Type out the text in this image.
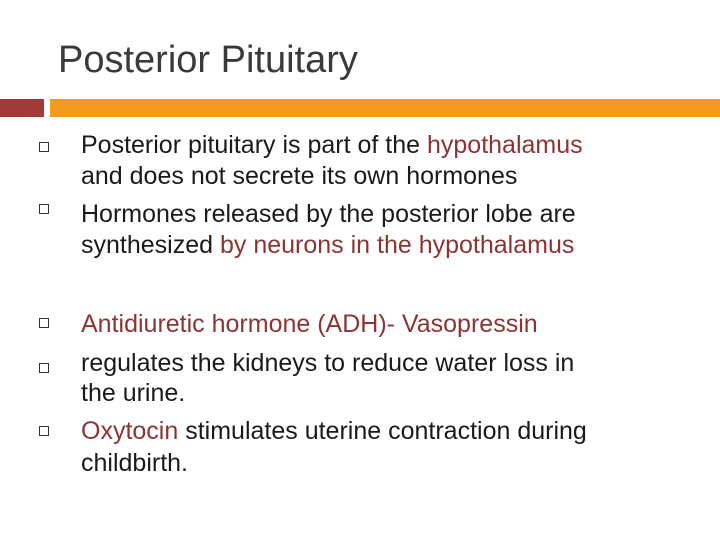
Posterior Pituitary
Posterior pituitary is part of the hypothalamus
and does not secrete its own hormones
Hormones released by the posterior lobe are
synthesized by neurons in the hypothalamus
Antidiuretic hormone (ADH)- Vasopressin
regulates the kidneys to reduce water loss in
the urine.
Oxytocin stimulates uterine contraction during
childbirth.
